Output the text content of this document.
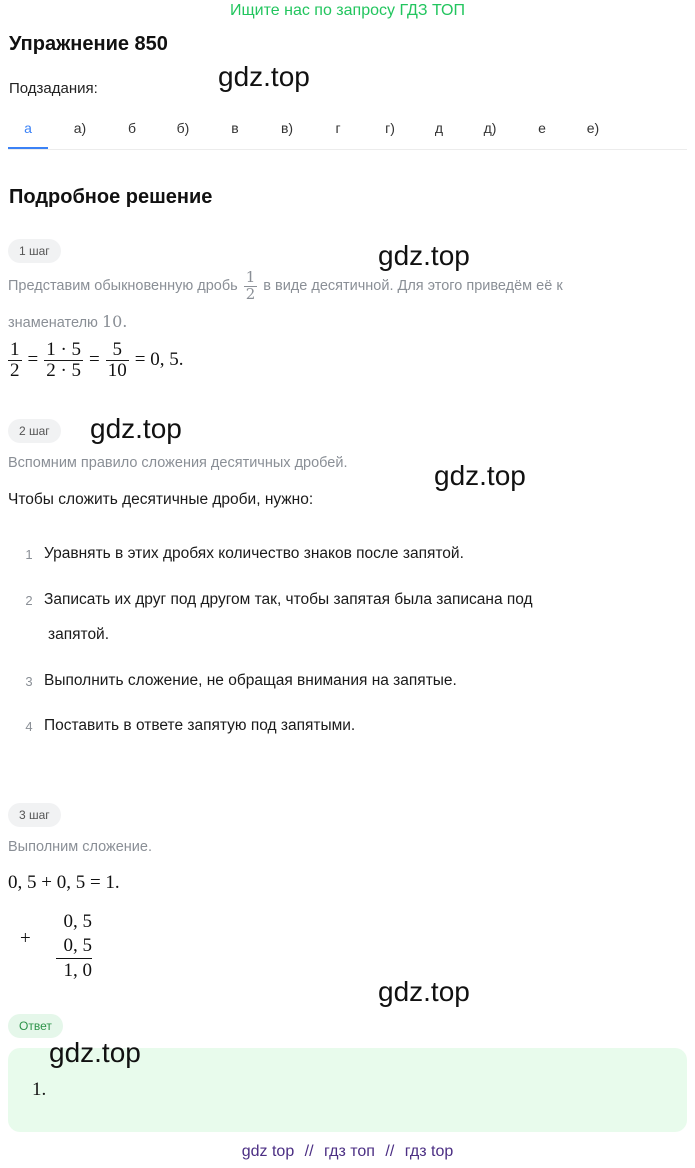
Ищите нас по запросу ГДЗ ТОП
Упражнение 850
Подзадания:	gdz.top
а	а)	б	б)	в	в)	г	г)	д	д)	е	е)
Подробное решение
1 шаг	gdz.top
Представим обыкновенную дробь $\frac{1}{2}$ в виде десятичной. Для этого приведём её к
знаменателю 10.
$\frac{1}{2} = \frac{1 \cdot 5}{2 \cdot 5} = \frac{5}{10} = 0$, 5.
2 шаг	gdz.top
Вспомним правило сложения десятичных дробей.	gdz.top
Чтобы сложить десятичные дроби, нужно:
1 Уравнять в этих дробях количество знаков после запятой.
2 Записать их друг под другом так, чтобы запятая была записана под
запятой.
3 Выполнить сложение, не обращая внимания на запятые.
4 Поставить в ответе запятую под запятыми.
3 шаг
Выполним сложение.
0, 5 + 0, 5 = 1.
+
0, 5
0, 5
1, 0
gdz.top
Ответ
gdz.top
1.
gdz top // гдз топ // гдз top
